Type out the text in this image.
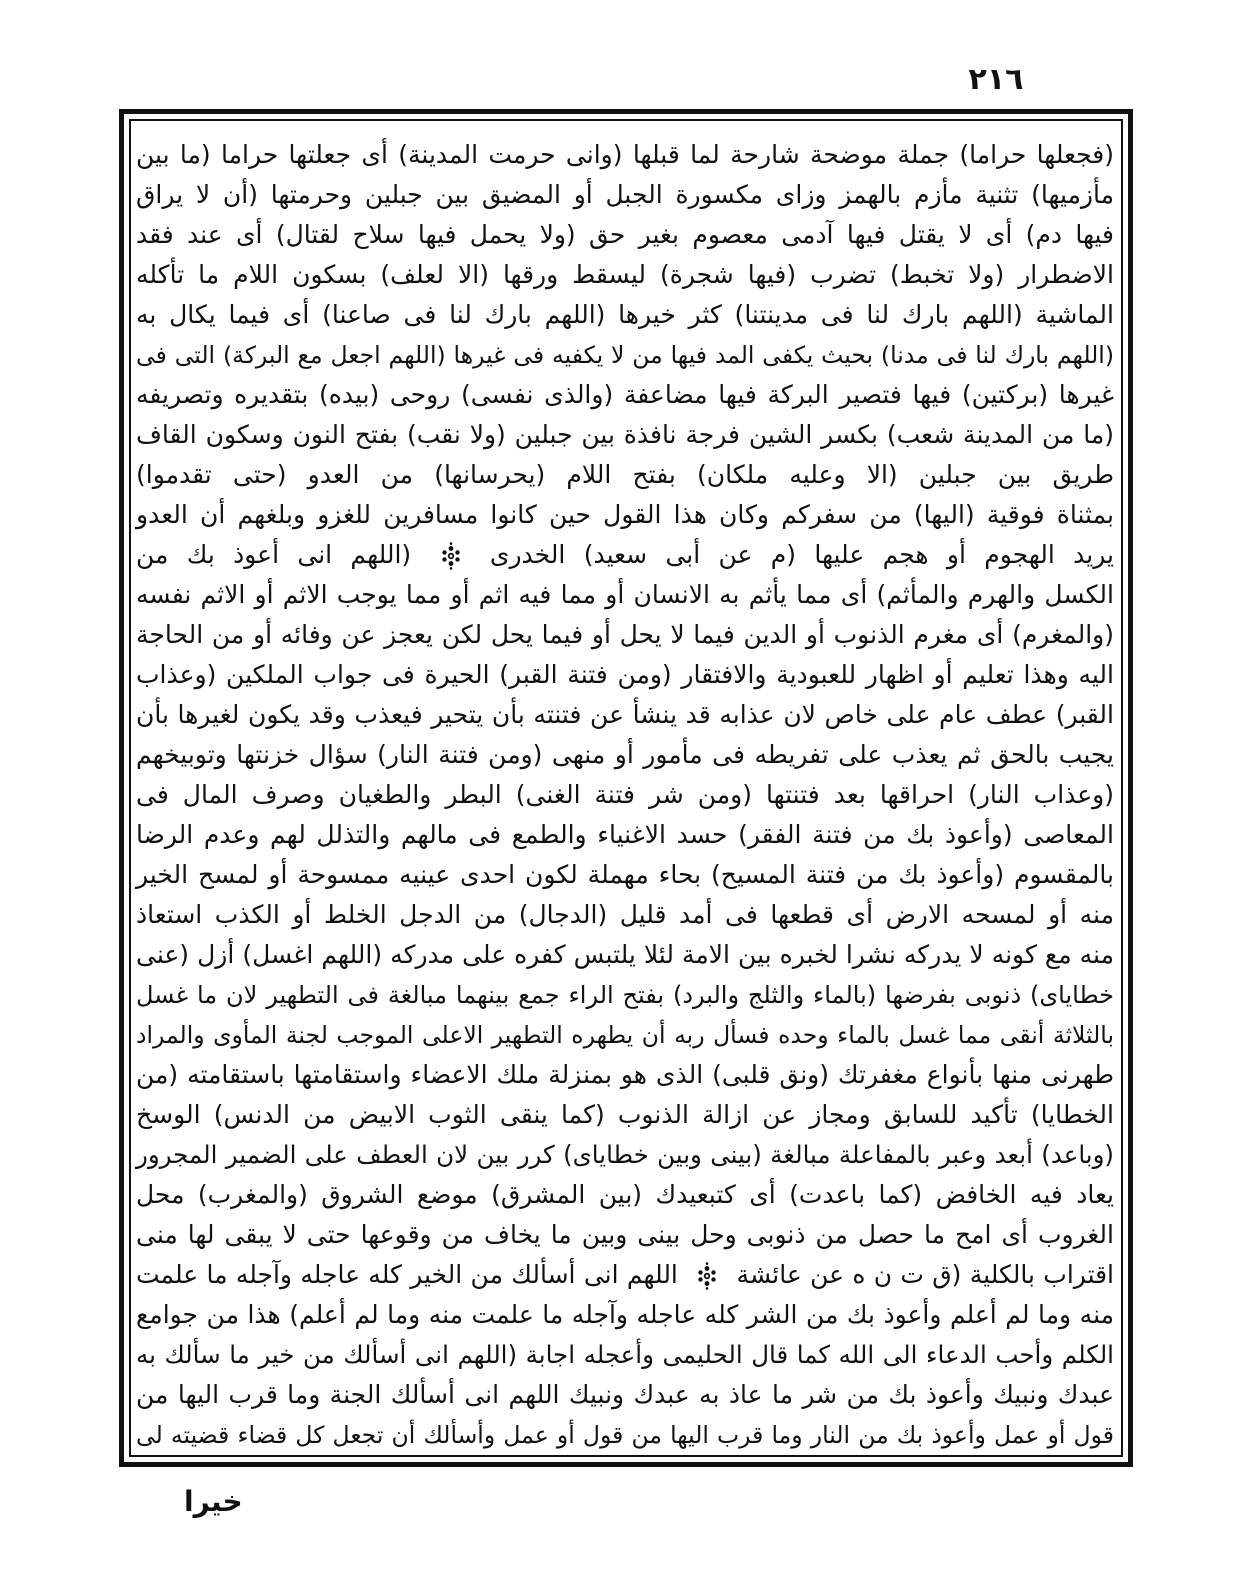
٢١٦
(فجعلها حراما) جملة موضحة شارحة لما قبلها (وانى حرمت المدينة) أى جعلتها حراما (ما بين
مأزميها) تثنية مأزم بالهمز وزاى مكسورة الجبل أو المضيق بين جبلين وحرمتها (أن لا يراق
فيها دم) أى لا يقتل فيها آدمى معصوم بغير حق (ولا يحمل فيها سلاح لقتال) أى عند فقد
الاضطرار (ولا تخبط) تضرب (فيها شجرة) ليسقط ورقها (الا لعلف) بسكون اللام ما تأكله
الماشية (اللهم بارك لنا فى مدينتنا) كثر خيرها (اللهم بارك لنا فى صاعنا) أى فيما يكال به
(اللهم بارك لنا فى مدنا) بحيث يكفى المد فيها من لا يكفيه فى غيرها (اللهم اجعل مع البركة) التى فى
غيرها (بركتين) فيها فتصير البركة فيها مضاعفة (والذى نفسى) روحى (بيده) بتقديره وتصريفه
(ما من المدينة شعب) بكسر الشين فرجة نافذة بين جبلين (ولا نقب) بفتح النون وسكون القاف
طريق بين جبلين (الا وعليه ملكان) بفتح اللام (يحرسانها) من العدو (حتى تقدموا)
بمثناة فوقية (اليها) من سفركم وكان هذا القول حين كانوا مسافرين للغزو وبلغهم أن العدو
يريد الهجوم أو هجم عليها (م عن أبى سعيد) الخدرى  (اللهم انى أعوذ بك من
الكسل والهرم والمأثم) أى مما يأثم به الانسان أو مما فيه اثم أو مما يوجب الاثم أو الاثم نفسه
(والمغرم) أى مغرم الذنوب أو الدين فيما لا يحل أو فيما يحل لكن يعجز عن وفائه أو من الحاجة
اليه وهذا تعليم أو اظهار للعبودية والافتقار (ومن فتنة القبر) الحيرة فى جواب الملكين (وعذاب
القبر) عطف عام على خاص لان عذابه قد ينشأ عن فتنته بأن يتحير فيعذب وقد يكون لغيرها بأن
يجيب بالحق ثم يعذب على تفريطه فى مأمور أو منهى (ومن فتنة النار) سؤال خزنتها وتوبيخهم
(وعذاب النار) احراقها بعد فتنتها (ومن شر فتنة الغنى) البطر والطغيان وصرف المال فى
المعاصى (وأعوذ بك من فتنة الفقر) حسد الاغنياء والطمع فى مالهم والتذلل لهم وعدم الرضا
بالمقسوم (وأعوذ بك من فتنة المسيح) بحاء مهملة لكون احدى عينيه ممسوحة أو لمسح الخير
منه أو لمسحه الارض أى قطعها فى أمد قليل (الدجال) من الدجل الخلط أو الكذب استعاذ
منه مع كونه لا يدركه نشرا لخبره بين الامة لئلا يلتبس كفره على مدركه (اللهم اغسل) أزل (عنى
خطاياى) ذنوبى بفرضها (بالماء والثلج والبرد) بفتح الراء جمع بينهما مبالغة فى التطهير لان ما غسل
بالثلاثة أنقى مما غسل بالماء وحده فسأل ربه أن يطهره التطهير الاعلى الموجب لجنة المأوى والمراد
طهرنى منها بأنواع مغفرتك (ونق قلبى) الذى هو بمنزلة ملك الاعضاء واستقامتها باستقامته (من
الخطايا) تأكيد للسابق ومجاز عن ازالة الذنوب (كما ينقى الثوب الابيض من الدنس) الوسخ
(وباعد) أبعد وعبر بالمفاعلة مبالغة (بينى وبين خطاياى) كرر بين لان العطف على الضمير المجرور
يعاد فيه الخافض (كما باعدت) أى كتبعيدك (بين المشرق) موضع الشروق (والمغرب) محل
الغروب أى امح ما حصل من ذنوبى وحل بينى وبين ما يخاف من وقوعها حتى لا يبقى لها منى
اقتراب بالكلية (ق ت ن ه عن عائشة  اللهم انى أسألك من الخير كله عاجله وآجله ما علمت
منه وما لم أعلم وأعوذ بك من الشر كله عاجله وآجله ما علمت منه وما لم أعلم) هذا من جوامع
الكلم وأحب الدعاء الى الله كما قال الحليمى وأعجله اجابة (اللهم انى أسألك من خير ما سألك به
عبدك ونبيك وأعوذ بك من شر ما عاذ به عبدك ونبيك اللهم انى أسألك الجنة وما قرب اليها من
قول أو عمل وأعوذ بك من النار وما قرب اليها من قول أو عمل وأسألك أن تجعل كل قضاء قضيته لى
خيرا
